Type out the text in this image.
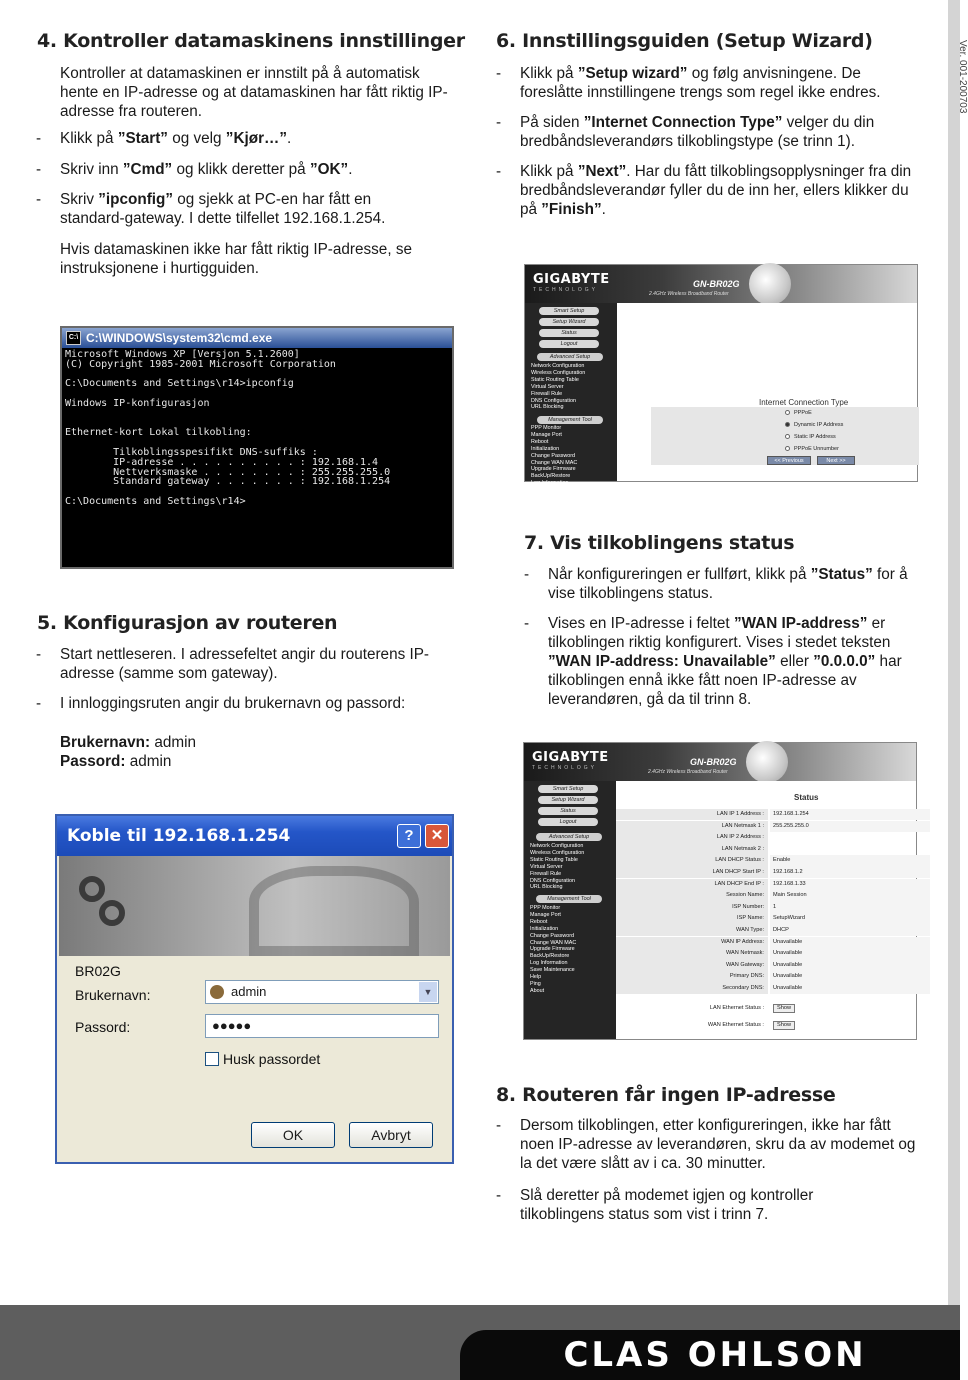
4. Kontroller datamaskinens innstillinger
Kontroller at datamaskinen er innstilt på å automatisk hente en IP-adresse og at datamaskinen har fått riktig IP-adresse fra routeren.
- Klikk på ”Start” og velg ”Kjør…”.
- Skriv inn ”Cmd” og klikk deretter på ”OK”.
- Skriv ”ipconfig” og sjekk at PC-en har fått en standard-gateway. I dette tilfellet 192.168.1.254.
Hvis datamaskinen ikke har fått riktig IP-adresse, se instruksjonene i hurtigguiden.
C:\ C:\WINDOWS\system32\cmd.exe
Microsoft Windows XP [Versjon 5.1.2600]
(C) Copyright 1985-2001 Microsoft Corporation

C:\Documents and Settings\r14>ipconfig

Windows IP-konfigurasjon

Ethernet-kort Lokal tilkobling:

Tilkoblingsspesifikt DNS-suffiks :
IP-adresse . . . . . . . . . . : 192.168.1.4
Nettverksmaske . . . . . . . . : 255.255.255.0
Standard gateway . . . . . . . : 192.168.1.254

C:\Documents and Settings\r14>
5. Konfigurasjon av routeren
- Start nettleseren. I adressefeltet angir du routerens IP-adresse (samme som gateway).
- I innloggingsruten angir du brukernavn og passord:
Brukernavn: admin
Passord: admin
Koble til 192.168.1.254	?	✕
BR02G
Brukernavn:	admin	▼
Passord:	●●●●●
Husk passordet
OK	Avbryt
6. Innstillingsguiden (Setup Wizard)
- Klikk på ”Setup wizard” og følg anvisningene. De foreslåtte innstillingene trengs som regel ikke endres.
- På siden ”Internet Connection Type” velger du din bredbåndsleverandørs tilkoblingstype (se trinn 1).
- Klikk på ”Next”. Har du fått tilkoblingsopplysninger fra din bredbåndsleverandør fyller du de inn her, ellers klikker du på ”Finish”.
GIGABYTE
TECHNOLOGY
GN-BR02G
2.4GHz Wireless Broadband Router
Smart Setup
Setup Wizard
Status
Logout
Advanced Setup
Network Configuration
Wireless Configuration
Static Routing Table
Virtual Server
Firewall Rule
DNS Configuration
URL Blocking
Management Tool
PPP Monitor
Manage Port
Reboot
Initialization
Change Password
Change WAN MAC
Upgrade Firmware
BackUp/Restore
Log Information
Internet Connection Type
PPPoE
Dynamic IP Address
Static IP Address
PPPoE Unnumber
<< Previous	Next >>
7. Vis tilkoblingens status
- Når konfigureringen er fullført, klikk på ”Status” for å vise tilkoblingens status.
- Vises en IP-adresse i feltet ”WAN IP-address” er tilkoblingen riktig konfigurert. Vises i stedet teksten ”WAN IP-address: Unavailable” eller ”0.0.0.0” har tilkoblingen ennå ikke fått noen IP-adresse av leverandøren, gå da til trinn 8.
GIGABYTE
TECHNOLOGY
GN-BR02G
2.4GHz Wireless Broadband Router
Smart Setup
Setup Wizard
Status
Logout
Advanced Setup
Network Configuration
Wireless Configuration
Static Routing Table
Virtual Server
Firewall Rule
DNS Configuration
URL Blocking
Management Tool
PPP Monitor
Manage Port
Reboot
Initialization
Change Password
Change WAN MAC
Upgrade Firmware
BackUp/Restore
Log Information
Save Maintenance
Help
Ping
About
Status
LAN IP 1 Address :	192.168.1.254
LAN Netmask 1 :	255.255.255.0
LAN IP 2 Address :
LAN Netmask 2 :
LAN DHCP Status :	Enable
LAN DHCP Start IP :	192.168.1.2
LAN DHCP End IP :	192.168.1.33
Session Name:	Main Session
ISP Number:	1
ISP Name:	SetupWizard
WAN Type:	DHCP
WAN IP Address:	Unavailable
WAN Netmask:	Unavailable
WAN Gateway:	Unavailable
Primary DNS:	Unavailable
Secondary DNS:	Unavailable
LAN Ethernet Status :	Show
WAN Ethernet Status :	Show
8. Routeren får ingen IP-adresse
- Dersom tilkoblingen, etter konfigureringen, ikke har fått noen IP-adresse av leverandøren, skru da av modemet og la det være slått av i ca. 30 minutter.
- Slå deretter på modemet igjen og kontroller tilkoblingens status som vist i trinn 7.
Ver. 001-200703
CLAS OHLSON
